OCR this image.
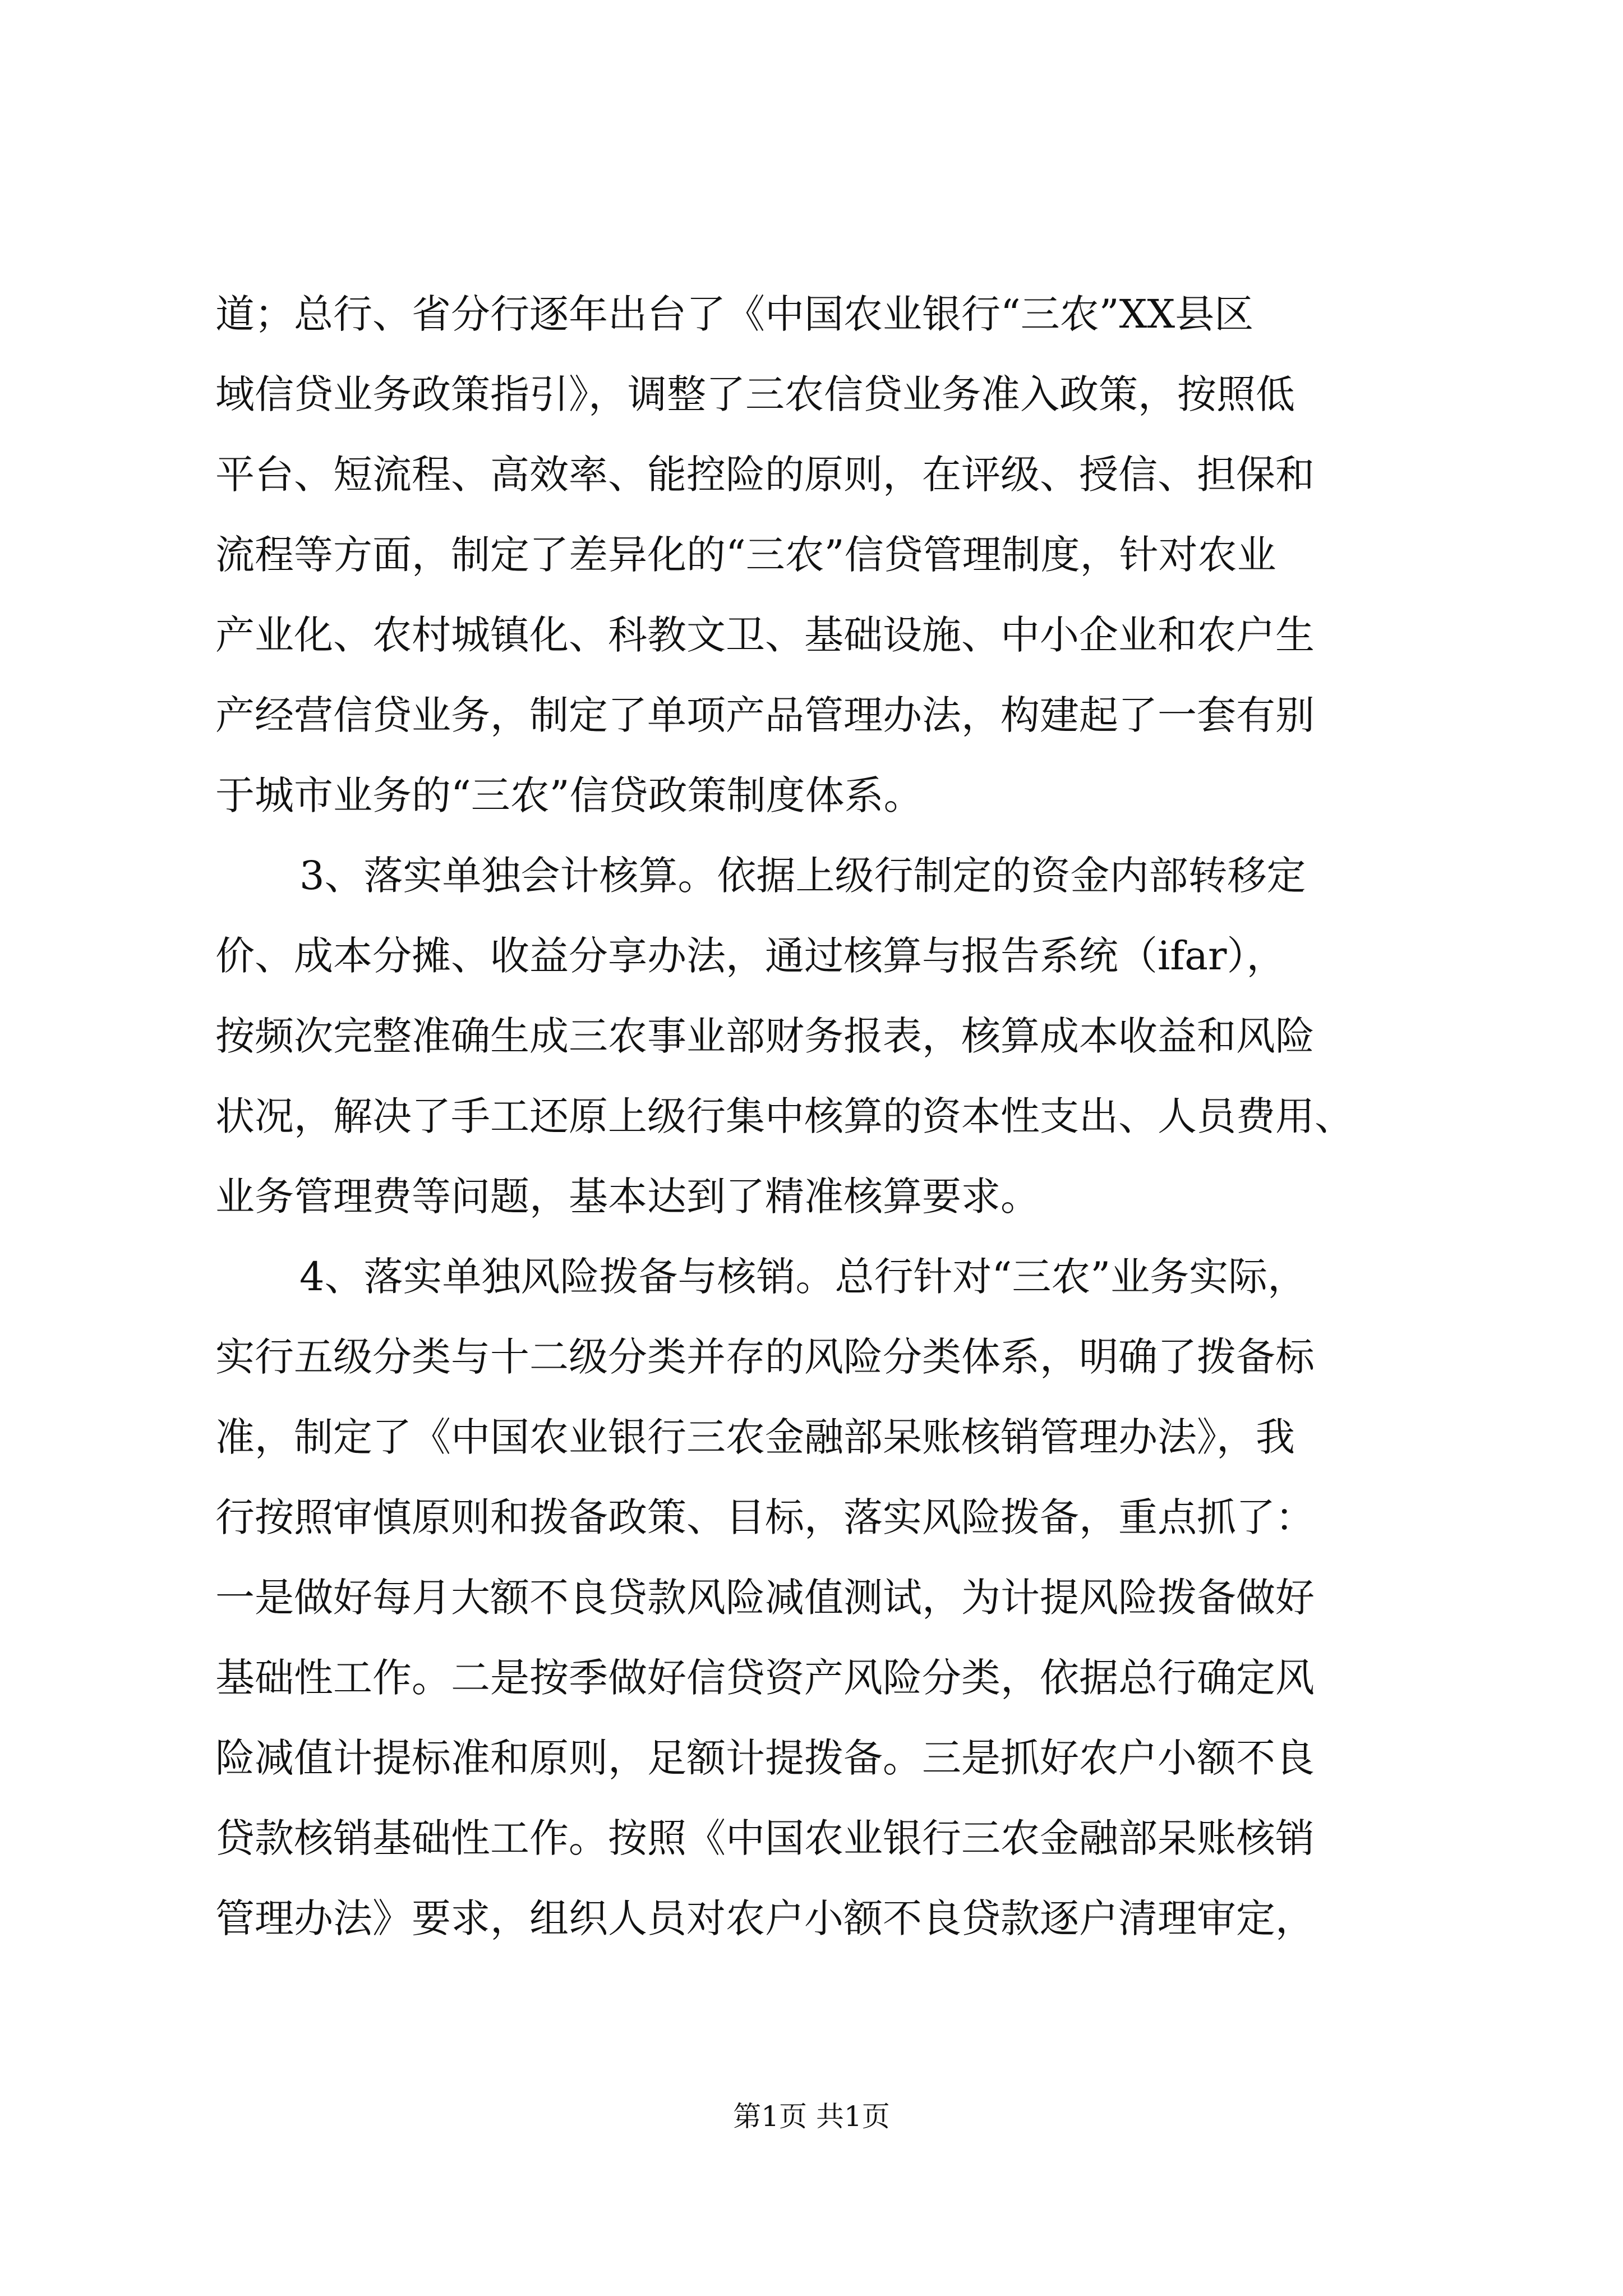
道；总行、省分行逐年出台了《中国农业银行“三农”XX县区
域信贷业务政策指引》，调整了三农信贷业务准入政策，按照低
平台、短流程、高效率、能控险的原则，在评级、授信、担保和
流程等方面，制定了差异化的“三农”信贷管理制度，针对农业
产业化、农村城镇化、科教文卫、基础设施、中小企业和农户生
产经营信贷业务，制定了单项产品管理办法，构建起了一套有别
于城市业务的“三农”信贷政策制度体系。
3、落实单独会计核算。依据上级行制定的资金内部转移定
价、成本分摊、收益分享办法，通过核算与报告系统（ifar），
按频次完整准确生成三农事业部财务报表，核算成本收益和风险
状况，解决了手工还原上级行集中核算的资本性支出、人员费用、
业务管理费等问题，基本达到了精准核算要求。
4、落实单独风险拨备与核销。总行针对“三农”业务实际，
实行五级分类与十二级分类并存的风险分类体系，明确了拨备标
准，制定了《中国农业银行三农金融部呆账核销管理办法》，我
行按照审慎原则和拨备政策、目标，落实风险拨备，重点抓了：
一是做好每月大额不良贷款风险减值测试，为计提风险拨备做好
基础性工作。二是按季做好信贷资产风险分类，依据总行确定风
险减值计提标准和原则，足额计提拨备。三是抓好农户小额不良
贷款核销基础性工作。按照《中国农业银行三农金融部呆账核销
管理办法》要求，组织人员对农户小额不良贷款逐户清理审定，
第1页 共1页
